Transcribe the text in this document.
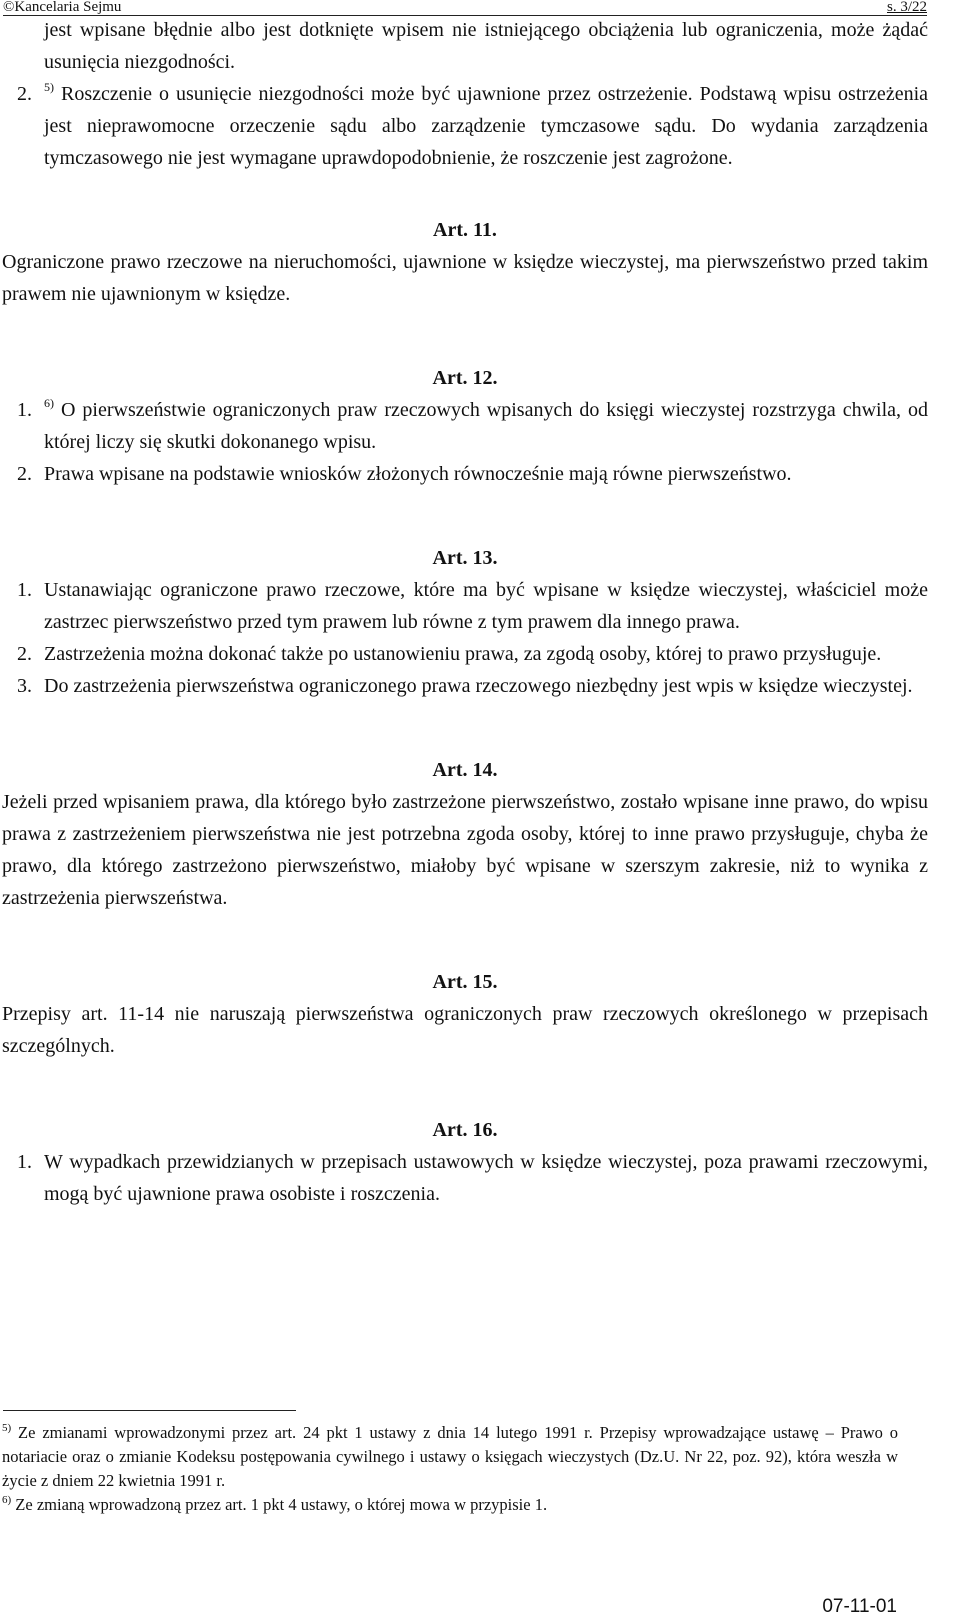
©Kancelaria Sejmu	s. 3/22
jest wpisane błędnie albo jest dotknięte wpisem nie istniejącego obciążenia lub ograniczenia, może żądać usunięcia niezgodności.
2.	$^{5)}$ Roszczenie o usunięcie niezgodności może być ujawnione przez ostrzeżenie. Podstawą wpisu ostrzeżenia jest nieprawomocne orzeczenie sądu albo zarządzenie tymczasowe sądu. Do wydania zarządzenia tymczasowego nie jest wymagane uprawdopodobnienie, że roszczenie jest zagrożone.

Art. 11.

Ograniczone prawo rzeczowe na nieruchomości, ujawnione w księdze wieczystej, ma pierwszeństwo przed takim prawem nie ujawnionym w księdze.

Art. 12.

1.	$^{6)}$ O pierwszeństwie ograniczonych praw rzeczowych wpisanych do księgi wieczystej rozstrzyga chwila, od której liczy się skutki dokonanego wpisu.
2. Prawa wpisane na podstawie wniosków złożonych równocześnie mają równe pierwszeństwo.

Art. 13.

1. Ustanawiając ograniczone prawo rzeczowe, które ma być wpisane w księdze wieczystej, właściciel może zastrzec pierwszeństwo przed tym prawem lub równe z tym prawem dla innego prawa.
2. Zastrzeżenia można dokonać także po ustanowieniu prawa, za zgodą osoby, której to prawo przysługuje.
3. Do zastrzeżenia pierwszeństwa ograniczonego prawa rzeczowego niezbędny jest wpis w księdze wieczystej.

Art. 14.

Jeżeli przed wpisaniem prawa, dla którego było zastrzeżone pierwszeństwo, zostało wpisane inne prawo, do wpisu prawa z zastrzeżeniem pierwszeństwa nie jest potrzebna zgoda osoby, której to inne prawo przysługuje, chyba że prawo, dla którego zastrzeżono pierwszeństwo, miałoby być wpisane w szerszym zakresie, niż to wynika z zastrzeżenia pierwszeństwa.

Art. 15.

Przepisy art. 11-14 nie naruszają pierwszeństwa ograniczonych praw rzeczowych określonego w przepisach szczególnych.

Art. 16.

1. W wypadkach przewidzianych w przepisach ustawowych w księdze wieczystej, poza prawami rzeczowymi, mogą być ujawnione prawa osobiste i roszczenia.

$^{5)}$ Ze zmianami wprowadzonymi przez art. 24 pkt 1 ustawy z dnia 14 lutego 1991 r. Przepisy wprowadzające ustawę – Prawo o notariacie oraz o zmianie Kodeksu postępowania cywilnego i ustawy o księgach wieczystych (Dz.U. Nr 22, poz. 92), która weszła w życie z dniem 22 kwietnia 1991 r.

$^{6)}$ Ze zmianą wprowadzoną przez art. 1 pkt 4 ustawy, o której mowa w przypisie 1.

07-11-01
